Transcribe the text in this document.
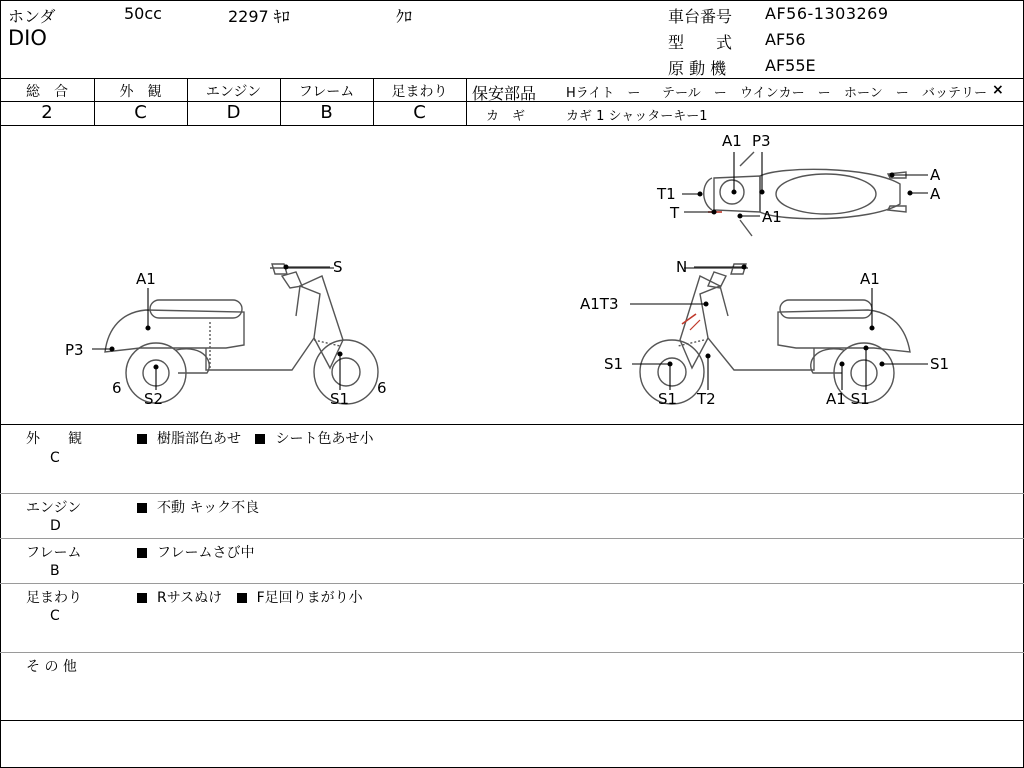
ホンダ	50cc	2297 ｷﾛ	ｸﾛ
DIO
車台番号 AF56-1303269
型　　式 AF56
原 動 機 AF55E
総　合	外　観	エンジン	フレーム	足まわり
2	C	D	B	C
保安部品 Hライト　ー テール　ー ウインカー　ー ホーン　ー バッテリー ×
カ　ギ	カギ 1 シャッターキー1
A1 P3
T1
T	A1
A
A
A1
P3
S
6
S2	S1
6
N
A1T3
A1
S1
S1 T2	A1 S1
S1
外　　観
C
樹脂部色あせ シート色あせ小
エンジン
D
不動 キック不良
フレーム
B
フレームさび中
足まわり
C
Rサスぬけ F足回りまがり小
そ の 他
